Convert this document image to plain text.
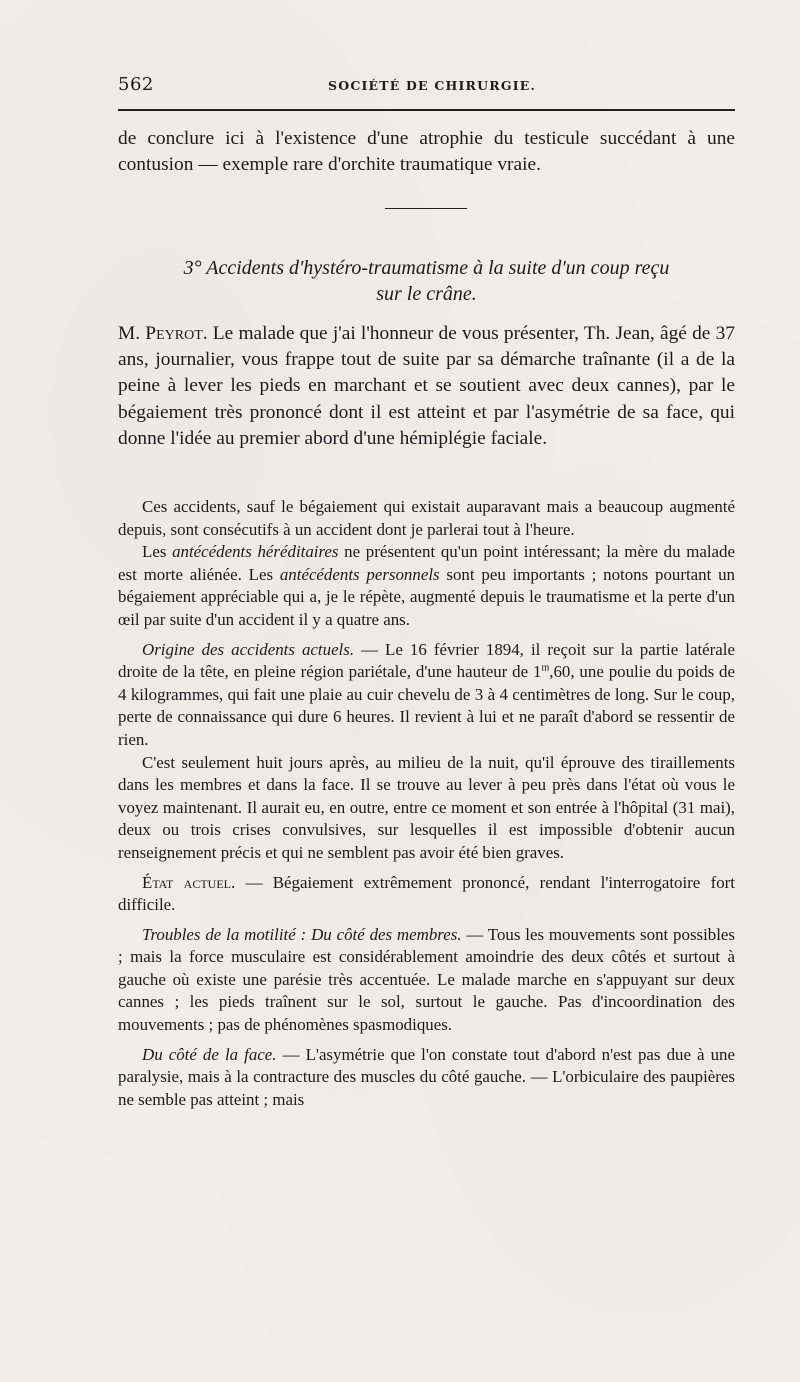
562	SOCIÉTÉ DE CHIRURGIE.
de conclure ici à l'existence d'une atrophie du testicule succédant à une contusion — exemple rare d'orchite traumatique vraie.
3° Accidents d'hystéro-traumatisme à la suite d'un coup reçu
sur le crâne.
M. Peyrot. Le malade que j'ai l'honneur de vous présenter, Th. Jean, âgé de 37 ans, journalier, vous frappe tout de suite par sa démarche traînante (il a de la peine à lever les pieds en marchant et se soutient avec deux cannes), par le bégaiement très prononcé dont il est atteint et par l'asymétrie de sa face, qui donne l'idée au premier abord d'une hémiplégie faciale.

Ces accidents, sauf le bégaiement qui existait auparavant mais a beaucoup augmenté depuis, sont consécutifs à un accident dont je parlerai tout à l'heure.

Les antécédents héréditaires ne présentent qu'un point intéressant; la mère du malade est morte aliénée. Les antécédents personnels sont peu importants ; notons pourtant un bégaiement appréciable qui a, je le répète, augmenté depuis le traumatisme et la perte d'un œil par suite d'un accident il y a quatre ans.

Origine des accidents actuels. — Le 16 février 1894, il reçoit sur la partie latérale droite de la tête, en pleine région pariétale, d'une hauteur de 1$^m$,60, une poulie du poids de 4 kilogrammes, qui fait une plaie au cuir chevelu de 3 à 4 centimètres de long. Sur le coup, perte de connaissance qui dure 6 heures. Il revient à lui et ne paraît d'abord se ressentir de rien.

C'est seulement huit jours après, au milieu de la nuit, qu'il éprouve des tiraillements dans les membres et dans la face. Il se trouve au lever à peu près dans l'état où vous le voyez maintenant. Il aurait eu, en outre, entre ce moment et son entrée à l'hôpital (31 mai), deux ou trois crises convulsives, sur lesquelles il est impossible d'obtenir aucun renseignement précis et qui ne semblent pas avoir été bien graves.

État actuel. — Bégaiement extrêmement prononcé, rendant l'interrogatoire fort difficile.

Troubles de la motilité : Du côté des membres. — Tous les mouvements sont possibles ; mais la force musculaire est considérablement amoindrie des deux côtés et surtout à gauche où existe une parésie très accentuée. Le malade marche en s'appuyant sur deux cannes ; les pieds traînent sur le sol, surtout le gauche. Pas d'incoordination des mouvements ; pas de phénomènes spasmodiques.

Du côté de la face. — L'asymétrie que l'on constate tout d'abord n'est pas due à une paralysie, mais à la contracture des muscles du côté gauche. — L'orbiculaire des paupières ne semble pas atteint ; mais
